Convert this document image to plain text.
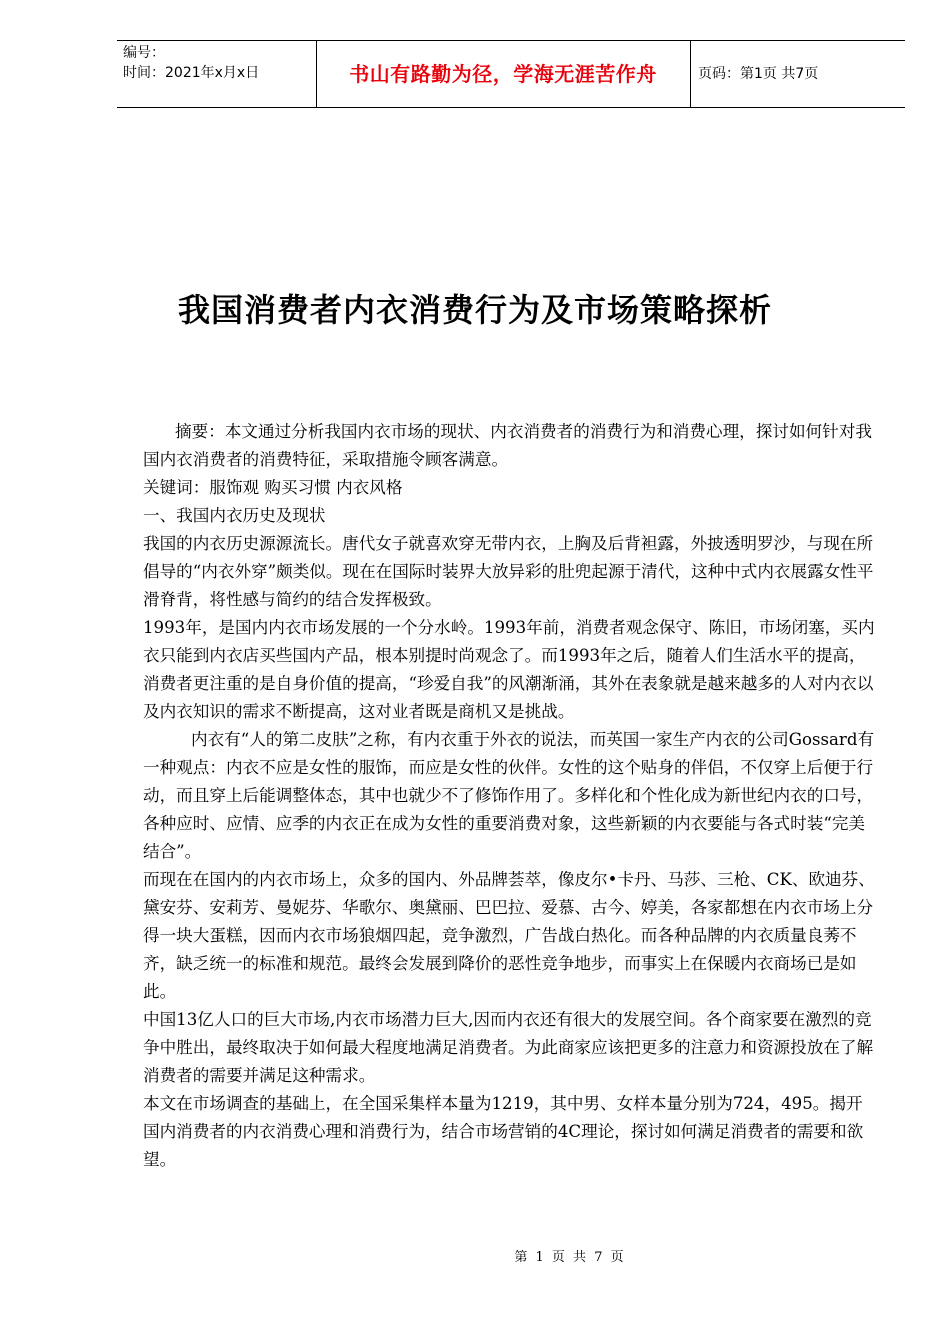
编号：
时间：2021年x月x日	书山有路勤为径，学海无涯苦作舟	页码：第1页 共7页
我国消费者内衣消费行为及市场策略探析

摘要：本文通过分析我国内衣市场的现状、内衣消费者的消费行为和消费心理，探讨如何针对我国内衣消费者的消费特征，采取措施令顾客满意。

关键词：服饰观 购买习惯 内衣风格

一、我国内衣历史及现状

我国的内衣历史源源流长。唐代女子就喜欢穿无带内衣，上胸及后背袒露，外披透明罗沙，与现在所倡导的“内衣外穿”颇类似。现在在国际时装界大放异彩的肚兜起源于清代，这种中式内衣展露女性平滑脊背，将性感与简约的结合发挥极致。

1993年，是国内内衣市场发展的一个分水岭。1993年前，消费者观念保守、陈旧，市场闭塞，买内衣只能到内衣店买些国内产品，根本别提时尚观念了。而1993年之后，随着人们生活水平的提高，消费者更注重的是自身价值的提高，“珍爱自我”的风潮渐涌，其外在表象就是越来越多的人对内衣以及内衣知识的需求不断提高，这对业者既是商机又是挑战。

内衣有“人的第二皮肤”之称，有内衣重于外衣的说法，而英国一家生产内衣的公司Gossard有一种观点：内衣不应是女性的服饰，而应是女性的伙伴。女性的这个贴身的伴侣，不仅穿上后便于行动，而且穿上后能调整体态，其中也就少不了修饰作用了。多样化和个性化成为新世纪内衣的口号，各种应时、应情、应季的内衣正在成为女性的重要消费对象，这些新颖的内衣要能与各式时装“完美结合”。

而现在在国内的内衣市场上，众多的国内、外品牌荟萃，像皮尔•卡丹、马莎、三枪、CK、欧迪芬、黛安芬、安莉芳、曼妮芬、华歌尔、奥黛丽、巴巴拉、爱慕、古今、婷美，各家都想在内衣市场上分得一块大蛋糕，因而内衣市场狼烟四起，竞争激烈，广告战白热化。而各种品牌的内衣质量良莠不齐，缺乏统一的标准和规范。最终会发展到降价的恶性竞争地步，而事实上在保暖内衣商场已是如此。

中国13亿人口的巨大市场,内衣市场潜力巨大,因而内衣还有很大的发展空间。各个商家要在激烈的竞争中胜出，最终取决于如何最大程度地满足消费者。为此商家应该把更多的注意力和资源投放在了解消费者的需要并满足这种需求。

本文在市场调查的基础上，在全国采集样本量为1219，其中男、女样本量分别为724，495。揭开国内消费者的内衣消费心理和消费行为，结合市场营销的4C理论，探讨如何满足消费者的需要和欲望。

第 1 页 共 7 页
